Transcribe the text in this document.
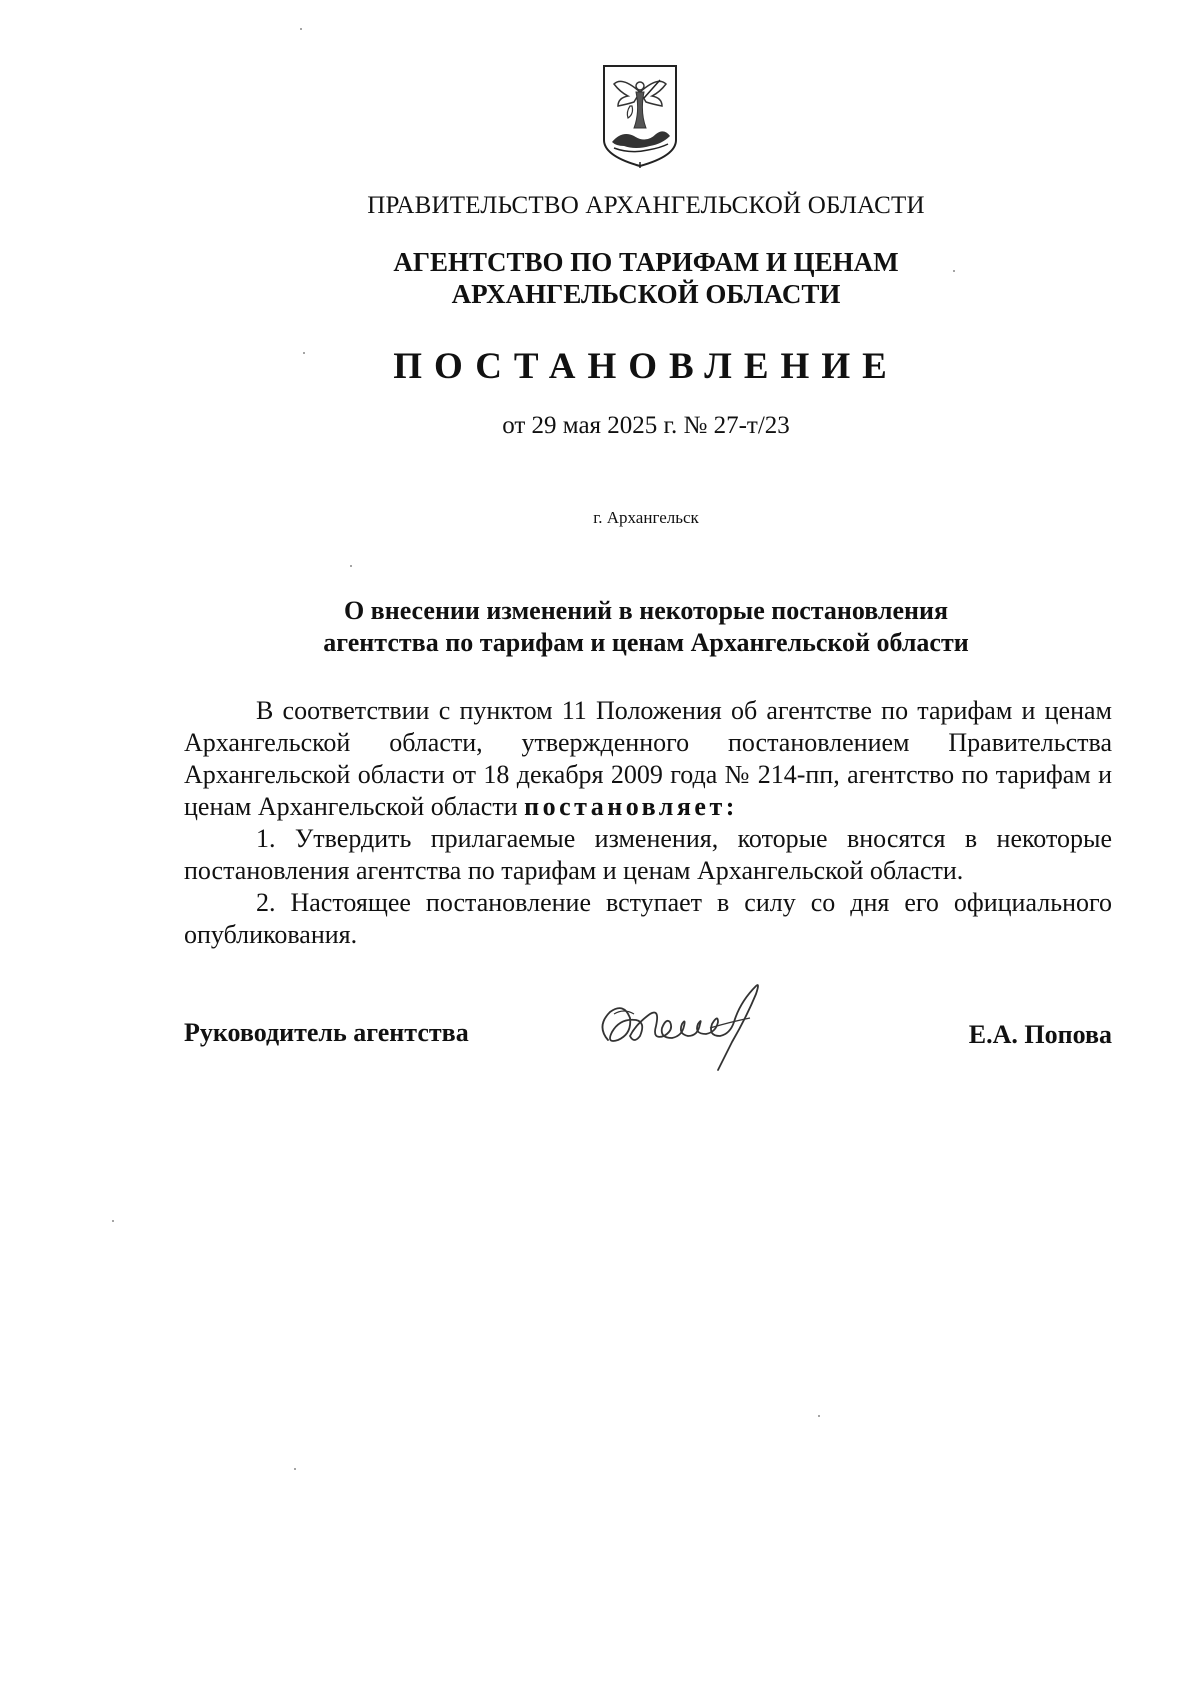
ПРАВИТЕЛЬСТВО АРХАНГЕЛЬСКОЙ ОБЛАСТИ
АГЕНТСТВО ПО ТАРИФАМ И ЦЕНАМ
АРХАНГЕЛЬСКОЙ ОБЛАСТИ
ПОСТАНОВЛЕНИЕ
от 29 мая 2025 г. № 27-т/23
г. Архангельск
О внесении изменений в некоторые постановления
агентства по тарифам и ценам Архангельской области

В соответствии с пунктом 11 Положения об агентстве по тарифам и ценам Архангельской области, утвержденного постановлением Правительства Архангельской области от 18 декабря 2009 года № 214-пп, агентство по тарифам и ценам Архангельской области постановляет:

1. Утвердить прилагаемые изменения, которые вносятся в некоторые постановления агентства по тарифам и ценам Архангельской области.

2. Настоящее постановление вступает в силу со дня его официального опубликования.

Руководитель агентства	Е.А. Попова
